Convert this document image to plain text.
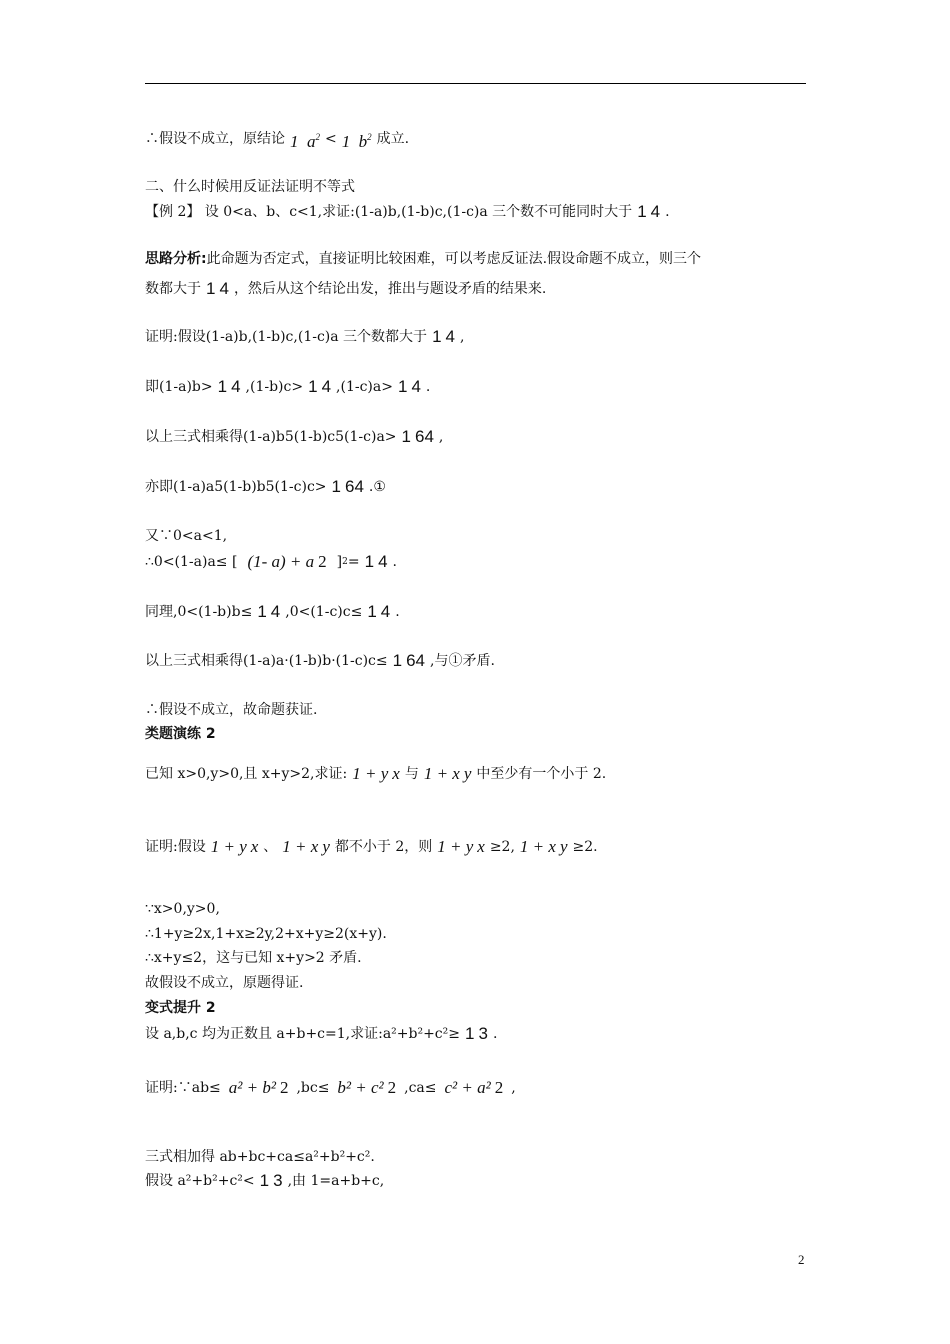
∴假设不成立，原结论 1 $a^2 < 1$ $b^2$ 成立.
二、什么时候用反证法证明不等式
【例 2】 设 0<a、b、c<1,求证:(1-a)b,(1-b)c,(1-c)a 三个数不可能同时大于 1 4 .
思路分析: 此命题为否定式，直接证明比较困难，可以考虑反证法.假设命题不成立，则三个
数都大于 1 4 ，然后从这个结论出发，推出与题设矛盾的结果来.
证明:假设(1-a)b,(1-b)c,(1-c)a 三个数都大于 1 4 ,
即(1-a)b> 1 4 ,(1-b)c> 1 4 ,(1-c)a> 1 4 .
以上三式相乘得(1-a)b5(1-b)c5(1-c)a> 1 64 ,
亦即(1-a)a5(1-b)b5(1-c)c> 1 64 .①
又∵0<a<1,
∴0<(1-a)a≤ [ (1- a) + a 2 ] 2 = 1 4 .
同理,0<(1-b)b≤ 1 4 ,0<(1-c)c≤ 1 4 .
以上三式相乘得(1-a)a·(1-b)b·(1-c)c≤ 1 64 ,与①矛盾.
∴假设不成立，故命题获证.
类题演练 2
已知 x>0,y>0,且 x+y>2,求证: 1 + y x 与 1 + x y 中至少有一个小于 2.
证明:假设 1 + y x 、 1 + x y 都不小于 2，则 1 + y x ≥2, 1 + x y ≥2.
∵x>0,y>0,
∴1+y≥2x,1+x≥2y,2+x+y≥2(x+y).
∴x+y≤2，这与已知 x+y>2 矛盾.
故假设不成立，原题得证.
变式提升 2
设 a,b,c 均为正数且 a+b+c=1,求证:a²+b²+c²≥ 1 3 .
证明:∵ab≤ a² + b² 2 ,bc≤ b² + c² 2 ,ca≤ c² + a² 2 ,
三式相加得 ab+bc+ca≤a²+b²+c².
假设 a²+b²+c²< 1 3 ,由 1=a+b+c,
2
